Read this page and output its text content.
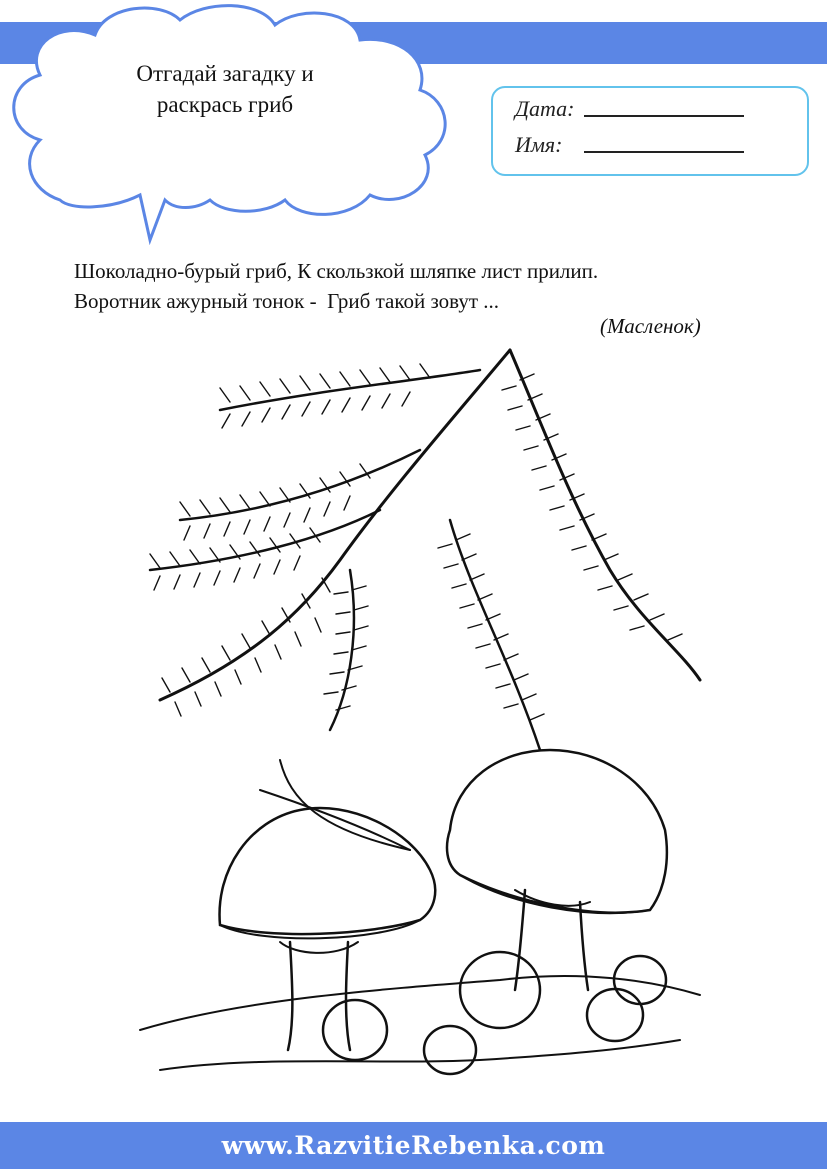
Отгадай загадку и
раскрась гриб	Дата:
Имя:
Шоколадно-бурый гриб, К скользкой шляпке лист прилип.
Воротник ажурный тонок -  Гриб такой зовут ...
(Масленок)
www.RazvitieRebenka.com
